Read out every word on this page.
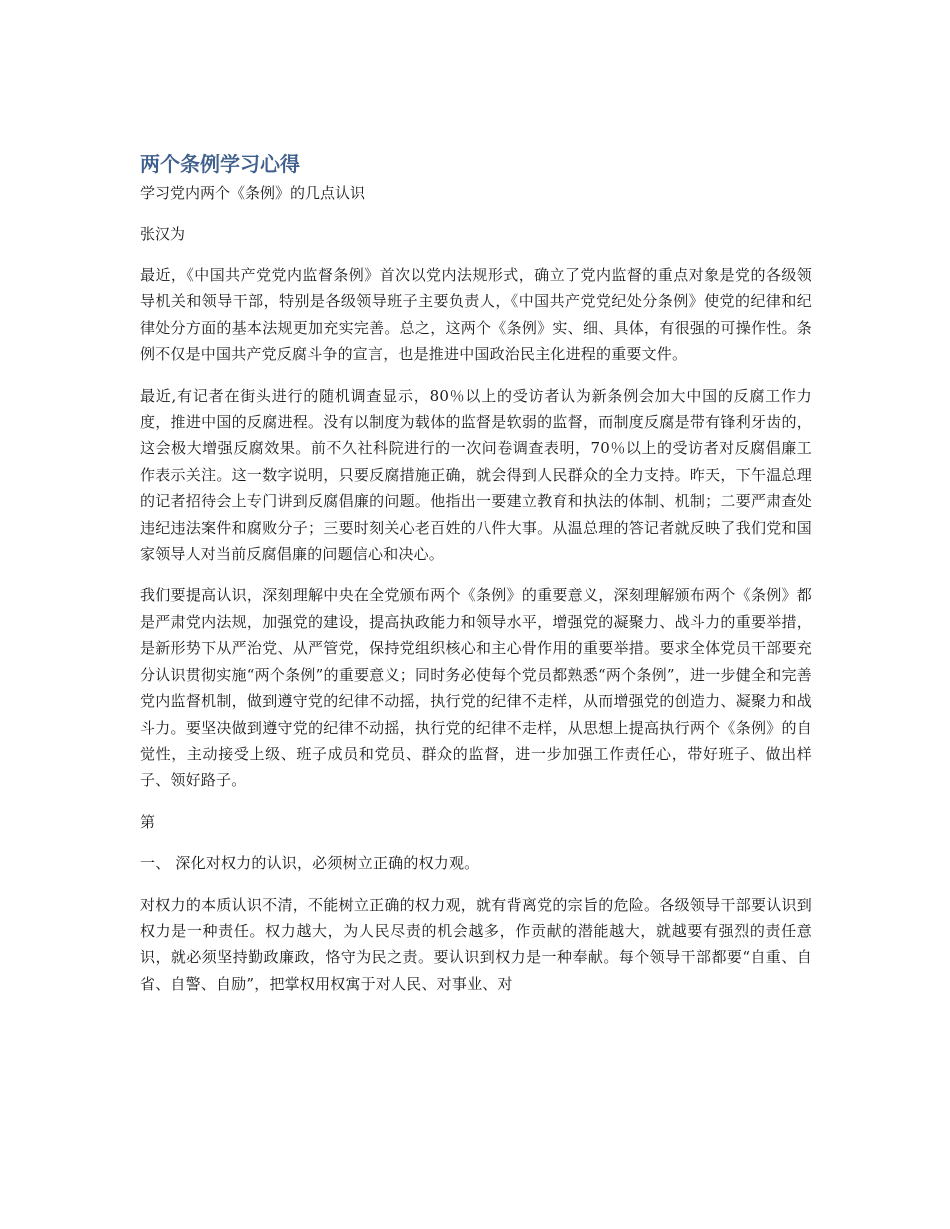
两个条例学习心得

学习党内两个《条例》的几点认识

张汉为

最近，《中国共产党党内监督条例》首次以党内法规形式，确立了党内监督的重点对象是党的各级领导机关和领导干部，特别是各级领导班子主要负责人，《中国共产党党纪处分条例》使党的纪律和纪律处分方面的基本法规更加充实完善。总之，这两个《条例》实、细、具体，有很强的可操作性。条例不仅是中国共产党反腐斗争的宣言，也是推进中国政治民主化进程的重要文件。

最近,有记者在街头进行的随机调查显示，80％以上的受访者认为新条例会加大中国的反腐工作力度，推进中国的反腐进程。没有以制度为载体的监督是软弱的监督，而制度反腐是带有锋利牙齿的，这会极大增强反腐效果。前不久社科院进行的一次问卷调查表明，70％以上的受访者对反腐倡廉工作表示关注。这一数字说明，只要反腐措施正确，就会得到人民群众的全力支持。昨天，下午温总理的记者招待会上专门讲到反腐倡廉的问题。他指出一要建立教育和执法的体制、机制；二要严肃查处违纪违法案件和腐败分子；三要时刻关心老百姓的八件大事。从温总理的答记者就反映了我们党和国家领导人对当前反腐倡廉的问题信心和决心。

我们要提高认识，深刻理解中央在全党颁布两个《条例》的重要意义，深刻理解颁布两个《条例》都是严肃党内法规，加强党的建设，提高执政能力和领导水平，增强党的凝聚力、战斗力的重要举措，是新形势下从严治党、从严管党，保持党组织核心和主心骨作用的重要举措。要求全体党员干部要充分认识贯彻实施“两个条例”的重要意义；同时务必使每个党员都熟悉“两个条例”，进一步健全和完善党内监督机制，做到遵守党的纪律不动摇，执行党的纪律不走样，从而增强党的创造力、凝聚力和战斗力。要坚决做到遵守党的纪律不动摇，执行党的纪律不走样，从思想上提高执行两个《条例》的自觉性，主动接受上级、班子成员和党员、群众的监督，进一步加强工作责任心，带好班子、做出样子、领好路子。

第

一、 深化对权力的认识，必须树立正确的权力观。

对权力的本质认识不清，不能树立正确的权力观，就有背离党的宗旨的危险。各级领导干部要认识到权力是一种责任。权力越大，为人民尽责的机会越多，作贡献的潜能越大，就越要有强烈的责任意识，就必须坚持勤政廉政，恪守为民之责。要认识到权力是一种奉献。每个领导干部都要“自重、自省、自警、自励”，把掌权用权寓于对人民、对事业、对
